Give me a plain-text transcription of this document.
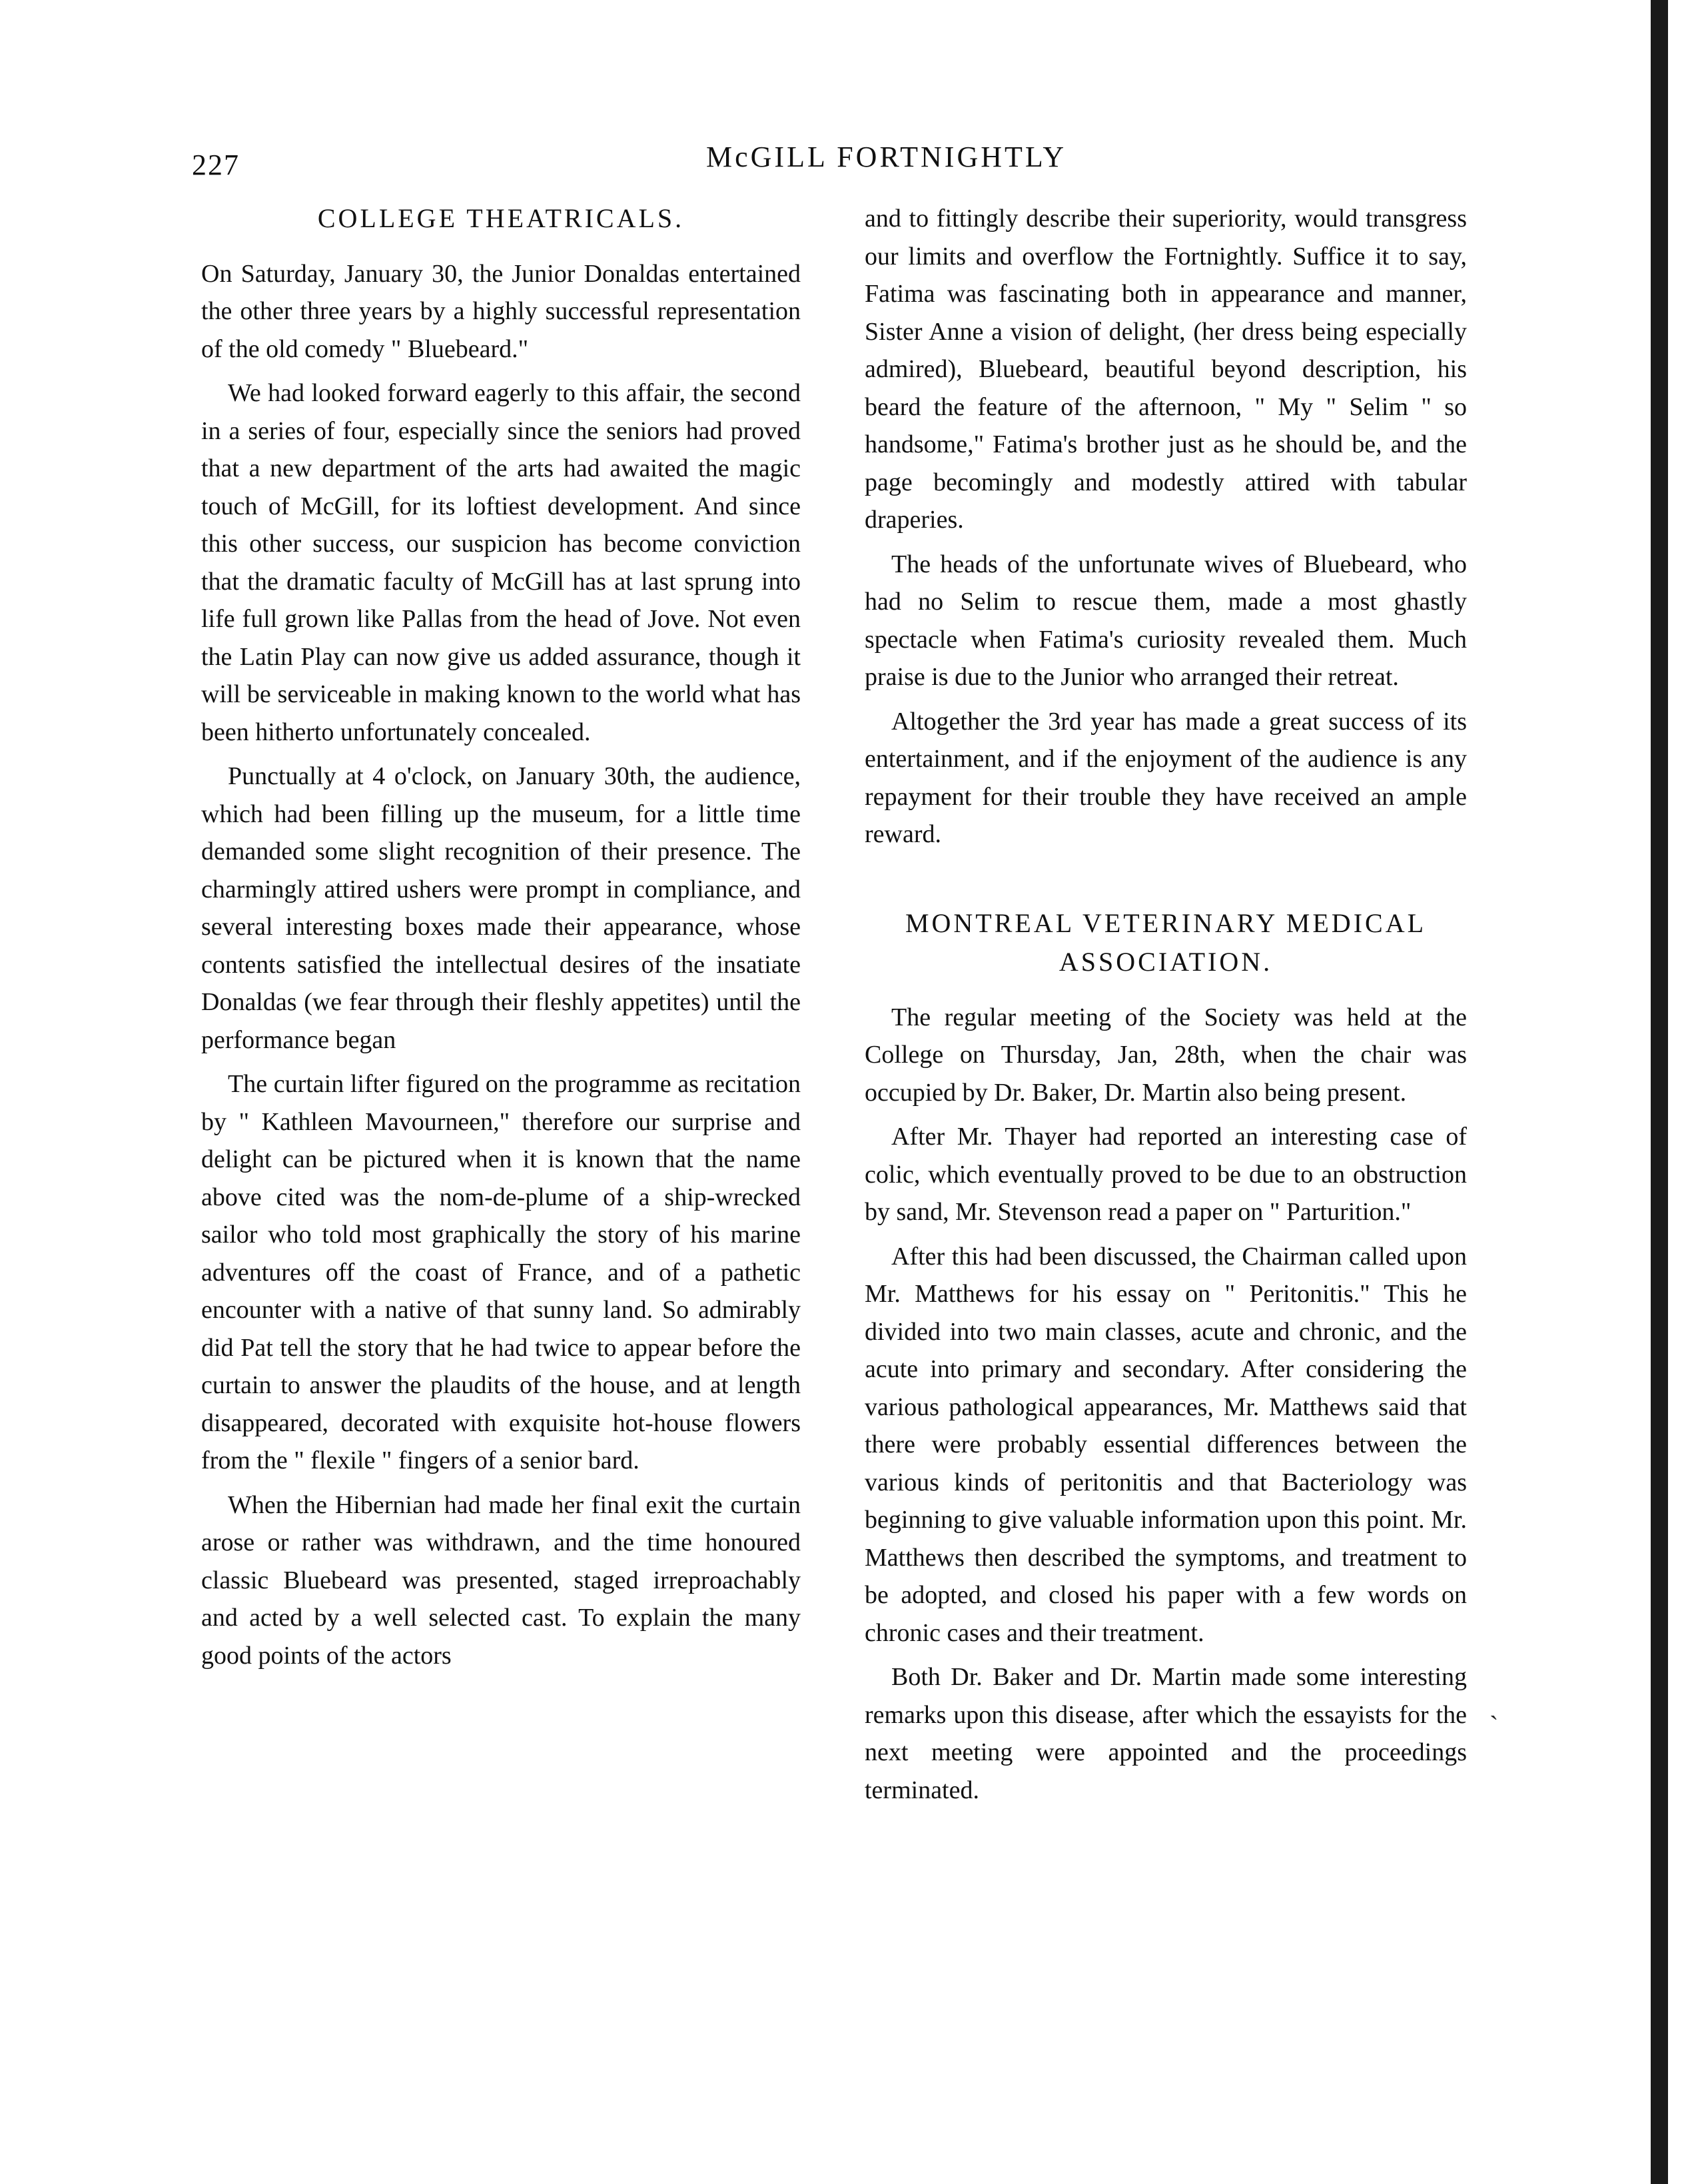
227	McGILL FORTNIGHTLY
COLLEGE THEATRICALS.

On Saturday, January 30, the Junior Donaldas entertained the other three years by a highly successful representation of the old comedy " Bluebeard."

We had looked forward eagerly to this affair, the second in a series of four, especially since the seniors had proved that a new department of the arts had awaited the magic touch of McGill, for its loftiest development. And since this other success, our suspicion has become conviction that the dramatic faculty of McGill has at last sprung into life full grown like Pallas from the head of Jove. Not even the Latin Play can now give us added assurance, though it will be serviceable in making known to the world what has been hitherto unfortunately concealed.

Punctually at 4 o'clock, on January 30th, the audience, which had been filling up the museum, for a little time demanded some slight recognition of their presence. The charmingly attired ushers were prompt in compliance, and several interesting boxes made their appearance, whose contents satisfied the intellectual desires of the insatiate Donaldas (we fear through their fleshly appetites) until the performance began

The curtain lifter figured on the programme as recitation by " Kathleen Mavourneen," therefore our surprise and delight can be pictured when it is known that the name above cited was the nom-de-plume of a ship-wrecked sailor who told most graphically the story of his marine adventures off the coast of France, and of a pathetic encounter with a native of that sunny land. So admirably did Pat tell the story that he had twice to appear before the curtain to answer the plaudits of the house, and at length disappeared, decorated with exquisite hot-house flowers from the " flexile " fingers of a senior bard.

When the Hibernian had made her final exit the curtain arose or rather was withdrawn, and the time honoured classic Bluebeard was presented, staged irreproachably and acted by a well selected cast. To explain the many good points of the actors

and to fittingly describe their superiority, would transgress our limits and overflow the Fortnightly. Suffice it to say, Fatima was fascinating both in appearance and manner, Sister Anne a vision of delight, (her dress being especially admired), Bluebeard, beautiful beyond description, his beard the feature of the afternoon, " My " Selim " so handsome," Fatima's brother just as he should be, and the page becomingly and modestly attired with tabular draperies.

The heads of the unfortunate wives of Bluebeard, who had no Selim to rescue them, made a most ghastly spectacle when Fatima's curiosity revealed them. Much praise is due to the Junior who arranged their retreat.

Altogether the 3rd year has made a great success of its entertainment, and if the enjoyment of the audience is any repayment for their trouble they have received an ample reward.

MONTREAL VETERINARY MEDICAL
ASSOCIATION.

The regular meeting of the Society was held at the College on Thursday, Jan, 28th, when the chair was occupied by Dr. Baker, Dr. Martin also being present.

After Mr. Thayer had reported an interesting case of colic, which eventually proved to be due to an obstruction by sand, Mr. Stevenson read a paper on " Parturition."

After this had been discussed, the Chairman called upon Mr. Matthews for his essay on " Peritonitis." This he divided into two main classes, acute and chronic, and the acute into primary and secondary. After considering the various pathological appearances, Mr. Matthews said that there were probably essential differences between the various kinds of peritonitis and that Bacteriology was beginning to give valuable information upon this point. Mr. Matthews then described the symptoms, and treatment to be adopted, and closed his paper with a few words on chronic cases and their treatment.

Both Dr. Baker and Dr. Martin made some interesting remarks upon this disease, after which the essayists for the next meeting were appointed and the proceedings terminated.

`
